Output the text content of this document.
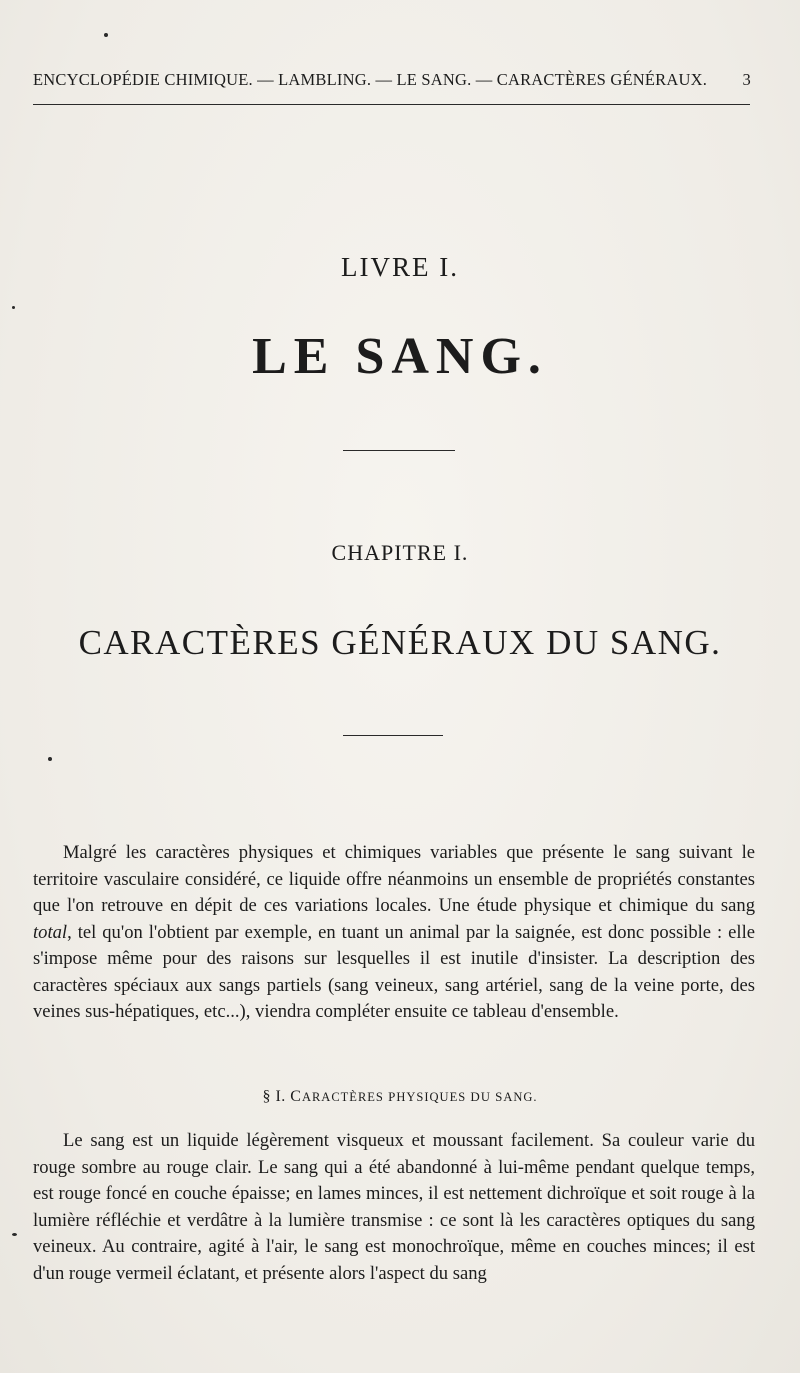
ENCYCLOPÉDIE CHIMIQUE. — LAMBLING. — LE SANG. — CARACTÈRES GÉNÉRAUX. 3
LIVRE I.
LE SANG.
CHAPITRE I.
CARACTÈRES GÉNÉRAUX DU SANG.

Malgré les caractères physiques et chimiques variables que présente le sang suivant le territoire vasculaire considéré, ce liquide offre néanmoins un ensemble de propriétés constantes que l'on retrouve en dépit de ces variations locales. Une étude physique et chimique du sang total, tel qu'on l'obtient par exemple, en tuant un animal par la saignée, est donc possible : elle s'impose même pour des raisons sur lesquelles il est inutile d'insister. La description des caractères spéciaux aux sangs partiels (sang veineux, sang artériel, sang de la veine porte, des veines sus-hépatiques, etc...), viendra compléter ensuite ce tableau d'ensemble.

§ I. CARACTÈRES PHYSIQUES DU SANG.

Le sang est un liquide légèrement visqueux et moussant facilement. Sa couleur varie du rouge sombre au rouge clair. Le sang qui a été abandonné à lui-même pendant quelque temps, est rouge foncé en couche épaisse; en lames minces, il est nettement dichroïque et soit rouge à la lumière réfléchie et verdâtre à la lumière transmise : ce sont là les caractères optiques du sang veineux. Au contraire, agité à l'air, le sang est monochroïque, même en couches minces; il est d'un rouge vermeil éclatant, et présente alors l'aspect du sang
